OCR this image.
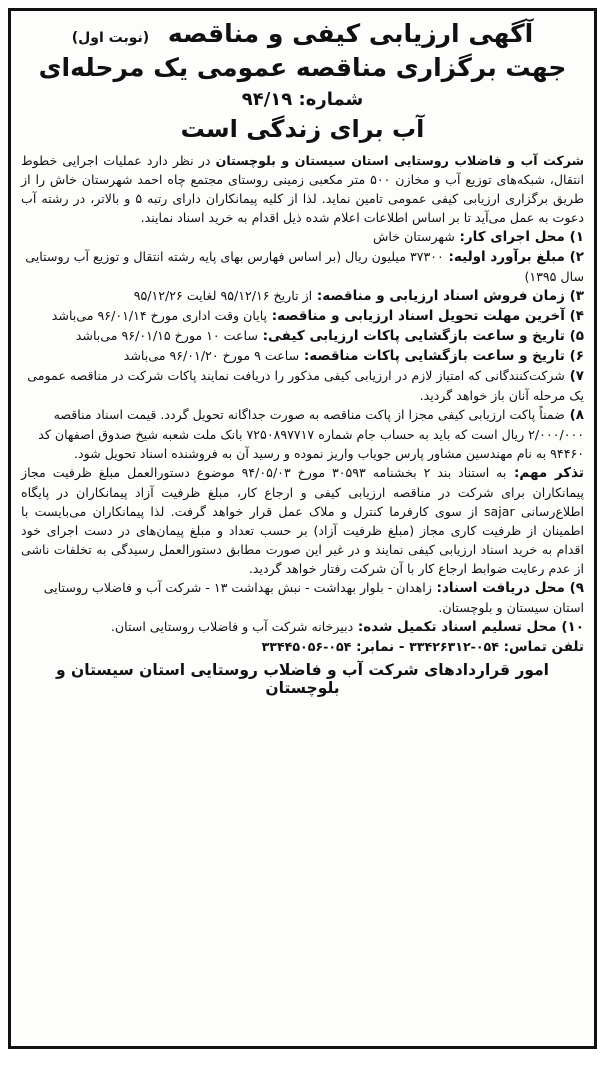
آگهی ارزیابی کیفی و مناقصه (نوبت اول)
جهت برگزاری مناقصه عمومی یک مرحله‌ای
شماره: ۹۴/۱۹
آب برای زندگی است

شرکت آب و فاضلاب روستایی استان سیستان و بلوچستان در نظر دارد عملیات اجرایی خطوط انتقال، شبکه‌های توزیع آب و مخازن ۵۰۰ متر مکعبی زمینی روستای مجتمع چاه احمد شهرستان خاش را از طریق برگزاری ارزیابی کیفی عمومی تامین نماید. لذا از کلیه پیمانکاران دارای رتبه ۵ و بالاتر، در رشته آب دعوت به عمل می‌آید تا بر اساس اطلاعات اعلام شده ذیل اقدام به خرید اسناد نمایند.

۱) محل اجرای کار: شهرستان خاش

۲) مبلغ برآورد اولیه: ۳۷۳۰۰ میلیون ریال (بر اساس فهارس بهای پایه رشته انتقال و توزیع آب روستایی سال ۱۳۹۵)

۳) زمان فروش اسناد ارزیابی و مناقصه: از تاریخ ۹۵/۱۲/۱۶ لغایت ۹۵/۱۲/۲۶

۴) آخرین مهلت تحویل اسناد ارزیابی و مناقصه: پایان وقت اداری مورخ ۹۶/۰۱/۱۴ می‌باشد

۵) تاریخ و ساعت بازگشایی پاکات ارزیابی کیفی: ساعت ۱۰ مورخ ۹۶/۰۱/۱۵ می‌باشد

۶) تاریخ و ساعت بازگشایی پاکات مناقصه: ساعت ۹ مورخ ۹۶/۰۱/۲۰ می‌باشد

۷) شرکت‌کنندگانی که امتیاز لازم در ارزیابی کیفی مذکور را دریافت نمایند پاکات شرکت در مناقصه عمومی یک مرحله آنان باز خواهد گردید.

۸) ضمناً پاکت ارزیابی کیفی مجزا از پاکت مناقصه به صورت جداگانه تحویل گردد. قیمت اسناد مناقصه ۲/۰۰۰/۰۰۰ ریال است که باید به حساب جام شماره ۷۲۵۰۸۹۷۷۱۷ بانک ملت شعبه شیخ صدوق اصفهان کد ۹۴۴۶۰ به نام مهندسین مشاور پارس جویاب واریز نموده و رسید آن به فروشنده اسناد تحویل شود.

تذکر مهم: به استناد بند ۲ بخشنامه ۳۰۵۹۳ مورخ ۹۴/۰۵/۰۳ موضوع دستورالعمل مبلغ ظرفیت مجاز پیمانکاران برای شرکت در مناقصه ارزیابی کیفی و ارجاع کار، مبلغ ظرفیت آزاد پیمانکاران در پایگاه اطلاع‌رسانی sajar از سوی کارفرما کنترل و ملاک عمل قرار خواهد گرفت. لذا پیمانکاران می‌بایست با اطمینان از ظرفیت کاری مجاز (مبلغ ظرفیت آزاد) بر حسب تعداد و مبلغ پیمان‌های در دست اجرای خود اقدام به خرید اسناد ارزیابی کیفی نمایند و در غیر این صورت مطابق دستورالعمل رسیدگی به تخلفات ناشی از عدم رعایت ضوابط ارجاع کار با آن شرکت رفتار خواهد گردید.

۹) محل دریافت اسناد: زاهدان - بلوار بهداشت - نبش بهداشت ۱۳ - شرکت آب و فاضلاب روستایی استان سیستان و بلوچستان.

۱۰) محل تسلیم اسناد تکمیل شده: دبیرخانه شرکت آب و فاضلاب روستایی استان.

تلفن تماس: ۰۵۴-۳۳۴۲۶۳۱۲ - نمابر: ۰۵۴-۳۳۴۴۵۰۵۶

امور قراردادهای شرکت آب و فاضلاب روستایی استان سیستان و بلوچستان
